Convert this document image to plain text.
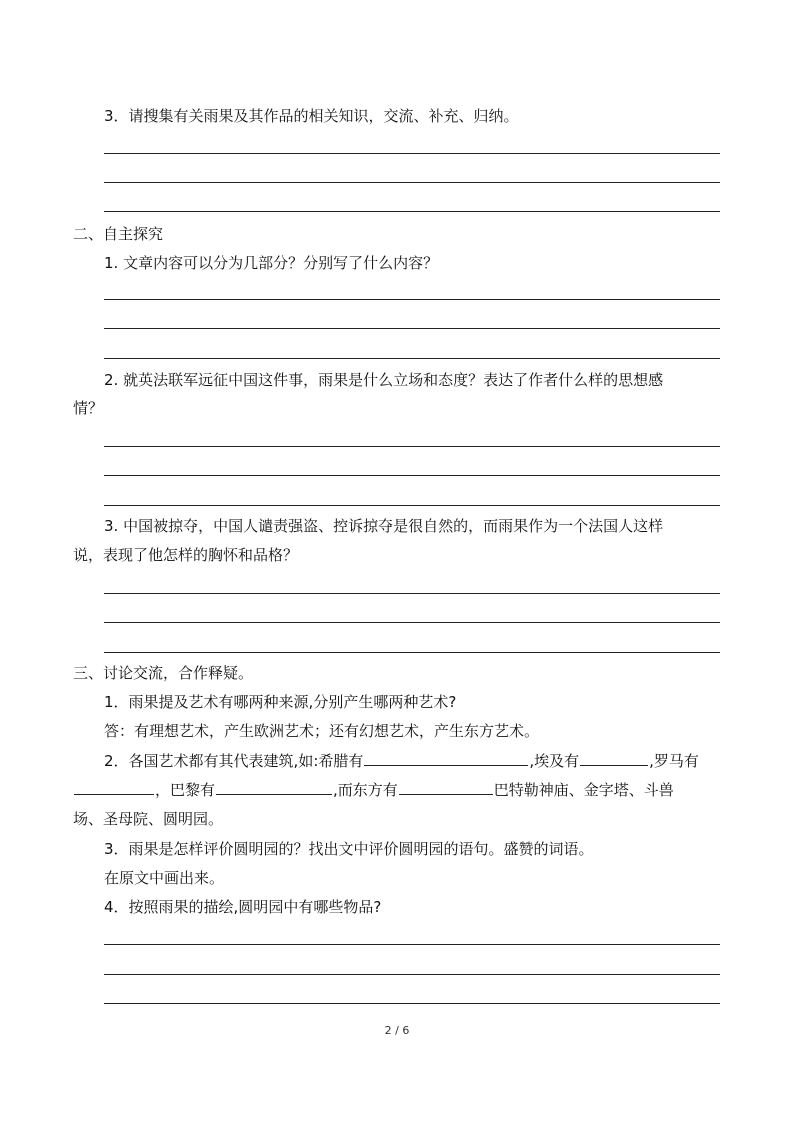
3．请搜集有关雨果及其作品的相关知识，交流、补充、归纳。
二、自主探究
1. 文章内容可以分为几部分？分别写了什么内容？
2. 就英法联军远征中国这件事，雨果是什么立场和态度？表达了作者什么样的思想感
情？
3. 中国被掠夺，中国人谴责强盗、控诉掠夺是很自然的，而雨果作为一个法国人这样
说，表现了他怎样的胸怀和品格？
三、讨论交流，合作释疑。
1．雨果提及艺术有哪两种来源,分别产生哪两种艺术?
答：有理想艺术，产生欧洲艺术；还有幻想艺术，产生东方艺术。
2．各国艺术都有其代表建筑,如:希腊有	,埃及有	,罗马有
，巴黎有	,而东方有	巴特勒神庙、金字塔、斗兽
场、圣母院、圆明园。
3．雨果是怎样评价圆明园的？找出文中评价圆明园的语句。盛赞的词语。
在原文中画出来。
4．按照雨果的描绘,圆明园中有哪些物品?
2 / 6
